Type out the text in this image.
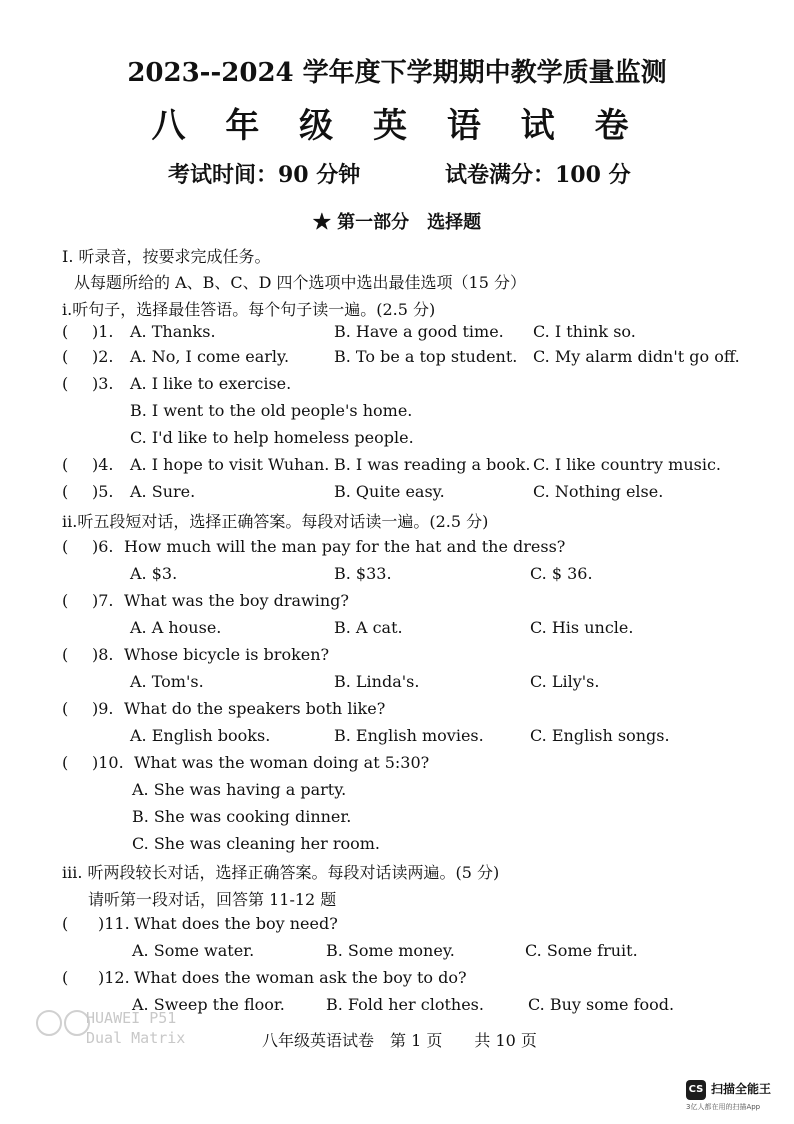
2023--2024 学年度下学期期中教学质量监测
八 年 级 英 语 试 卷
考试时间：90 分钟	试卷满分：100 分
★ 第一部分　选择题
I. 听录音，按要求完成任务。
从每题所给的 A、B、C、D 四个选项中选出最佳选项（15 分）
ⅰ.听句子，选择最佳答语。每个句子读一遍。(2.5 分)
( )1. A. Thanks.	B. Have a good time. C. I think so.
( )2. A. No, I come early.	B. To be a top student. C. My alarm didn't go off.
( )3. A. I like to exercise.
B. I went to the old people's home.
C. I'd like to help homeless people.
( )4. A. I hope to visit Wuhan. B. I was reading a book. C. I like country music.
( )5. A. Sure.	B. Quite easy.	C. Nothing else.
ⅱ.听五段短对话，选择正确答案。每段对话读一遍。(2.5 分)
( )6. How much will the man pay for the hat and the dress?
A. $3.	B. $33.	C. $ 36.
( )7. What was the boy drawing?
A. A house.	B. A cat.	C. His uncle.
( )8. Whose bicycle is broken?
A. Tom's.	B. Linda's.	C. Lily's.
( )9. What do the speakers both like?
A. English books.	B. English movies.	C. English songs.
( )10. What was the woman doing at 5:30?
A. She was having a party.
B. She was cooking dinner.
C. She was cleaning her room.
ⅲ. 听两段较长对话，选择正确答案。每段对话读两遍。(5 分)
请听第一段对话，回答第 11-12 题
( )11. What does the boy need?
A. Some water.	B. Some money.	C. Some fruit.
( )12. What does the woman ask the boy to do?
A. Sweep the floor.	B. Fold her clothes.	C. Buy some food.
HUAWEI P51
Dual Matrix	八年级英语试卷　第 1 页　　共 10 页
CS 扫描全能王
3亿人都在用的扫描App
